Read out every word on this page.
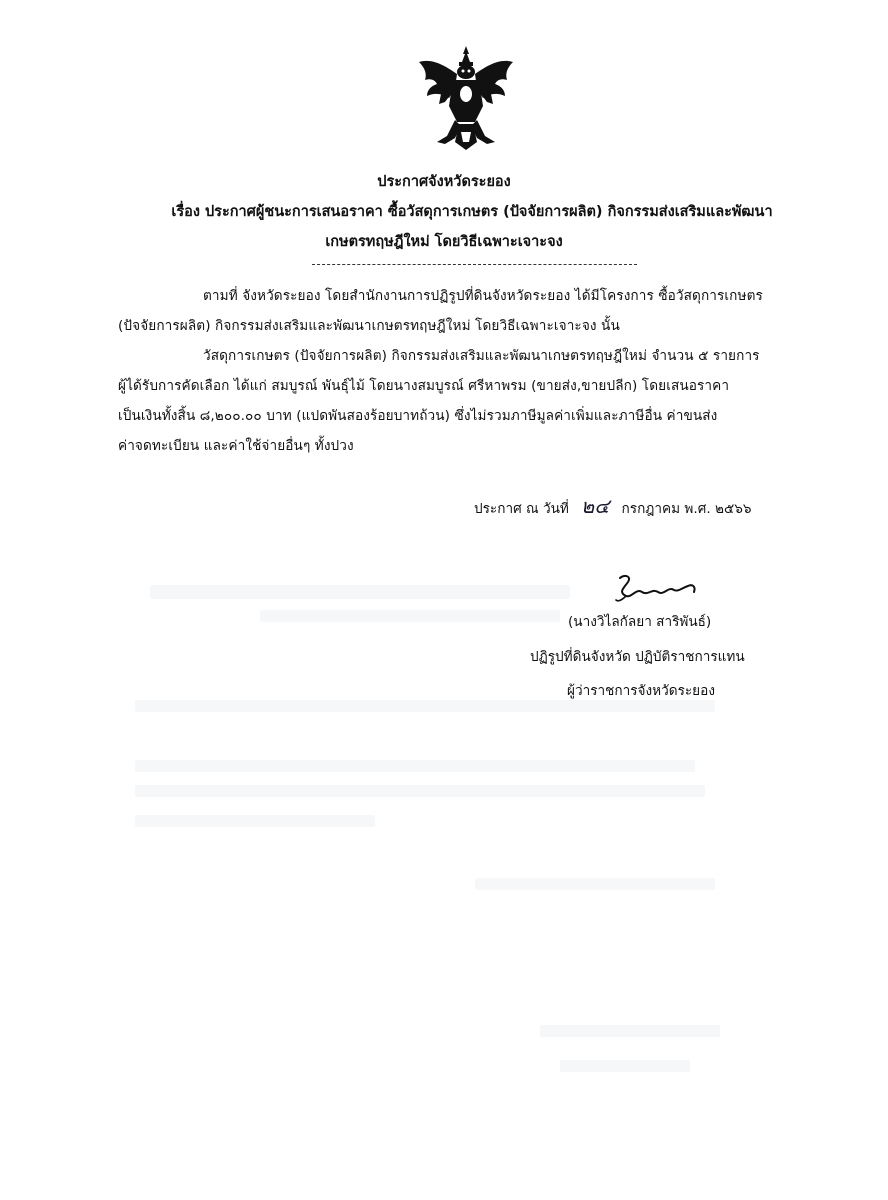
ประกาศจังหวัดระยอง
เรื่อง ประกาศผู้ชนะการเสนอราคา ซื้อวัสดุการเกษตร (ปัจจัยการผลิต) กิจกรรมส่งเสริมและพัฒนา
เกษตรทฤษฎีใหม่ โดยวิธีเฉพาะเจาะจง
ตามที่ จังหวัดระยอง โดยสำนักงานการปฏิรูปที่ดินจังหวัดระยอง ได้มีโครงการ ซื้อวัสดุการเกษตร
(ปัจจัยการผลิต) กิจกรรมส่งเสริมและพัฒนาเกษตรทฤษฎีใหม่ โดยวิธีเฉพาะเจาะจง นั้น
วัสดุการเกษตร (ปัจจัยการผลิต) กิจกรรมส่งเสริมและพัฒนาเกษตรทฤษฎีใหม่ จำนวน ๕ รายการ
ผู้ได้รับการคัดเลือก ได้แก่ สมบูรณ์ พันธุ์ไม้ โดยนางสมบูรณ์ ศรีหาพรม (ขายส่ง,ขายปลีก) โดยเสนอราคา
เป็นเงินทั้งสิ้น ๘,๒๐๐.๐๐ บาท (แปดพันสองร้อยบาทถ้วน) ซึ่งไม่รวมภาษีมูลค่าเพิ่มและภาษีอื่น ค่าขนส่ง
ค่าจดทะเบียน และค่าใช้จ่ายอื่นๆ ทั้งปวง
ประกาศ ณ วันที่ ๒๔ กรกฎาคม พ.ศ. ๒๕๖๖
(นางวิไลกัลยา สาริพันธ์)
ปฏิรูปที่ดินจังหวัด ปฏิบัติราชการแทน
ผู้ว่าราชการจังหวัดระยอง
